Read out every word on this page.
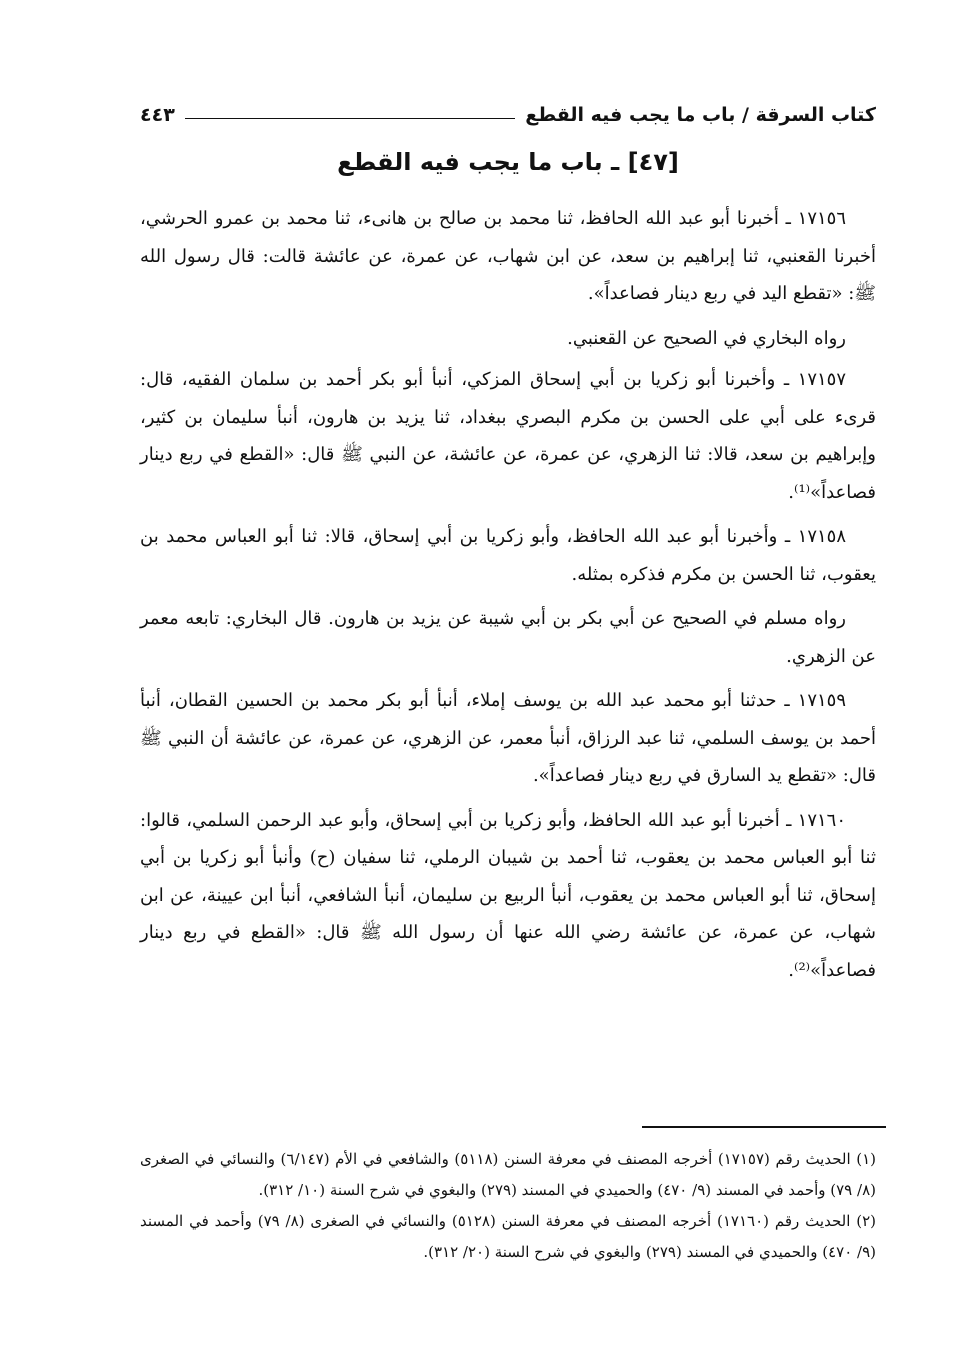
كتاب السرقة / باب ما يجب فيه القطع
٤٤٣
[٤٧] ـ باب ما يجب فيه القطع

١٧١٥٦ ـ أخبرنا أبو عبد الله الحافظ، ثنا محمد بن صالح بن هانىء، ثنا محمد بن عمرو الحرشي، أخبرنا القعنبي، ثنا إبراهيم بن سعد، عن ابن شهاب، عن عمرة، عن عائشة قالت: قال رسول الله ﷺ: «تقطع اليد في ربع دينار فصاعداً».

رواه البخاري في الصحيح عن القعنبي.

١٧١٥٧ ـ وأخبرنا أبو زكريا بن أبي إسحاق المزكي، أنبأ أبو بكر أحمد بن سلمان الفقيه، قال: قرىء على أبي على الحسن بن مكرم البصري ببغداد، ثنا يزيد بن هارون، أنبأ سليمان بن كثير، وإبراهيم بن سعد، قالا: ثنا الزهري، عن عمرة، عن عائشة، عن النبي ﷺ قال: «القطع في ربع دينار فصاعداً»⁽¹⁾.

١٧١٥٨ ـ وأخبرنا أبو عبد الله الحافظ، وأبو زكريا بن أبي إسحاق، قالا: ثنا أبو العباس محمد بن يعقوب، ثنا الحسن بن مكرم فذكره بمثله.

رواه مسلم في الصحيح عن أبي بكر بن أبي شيبة عن يزيد بن هارون. قال البخاري: تابعه معمر عن الزهري.

١٧١٥٩ ـ حدثنا أبو محمد عبد الله بن يوسف إملاء، أنبأ أبو بكر محمد بن الحسين القطان، أنبأ أحمد بن يوسف السلمي، ثنا عبد الرزاق، أنبأ معمر، عن الزهري، عن عمرة، عن عائشة أن النبي ﷺ قال: «تقطع يد السارق في ربع دينار فصاعداً».

١٧١٦٠ ـ أخبرنا أبو عبد الله الحافظ، وأبو زكريا بن أبي إسحاق، وأبو عبد الرحمن السلمي، قالوا: ثنا أبو العباس محمد بن يعقوب، ثنا أحمد بن شيبان الرملي، ثنا سفيان (ح) وأنبأ أبو زكريا بن أبي إسحاق، ثنا أبو العباس محمد بن يعقوب، أنبأ الربيع بن سليمان، أنبأ الشافعي، أنبأ ابن عيينة، عن ابن شهاب، عن عمرة، عن عائشة رضي الله عنها أن رسول الله ﷺ قال: «القطع في ربع دينار فصاعداً»⁽²⁾.

(١) الحديث رقم (١٧١٥٧) أخرجه المصنف في معرفة السنن (٥١١٨) والشافعي في الأم (٦/١٤٧) والنسائي في الصغرى (٨/ ٧٩) وأحمد في المسند (٩/ ٤٧٠) والحميدي في المسند (٢٧٩) والبغوي في شرح السنة (١٠/ ٣١٢).

(٢) الحديث رقم (١٧١٦٠) أخرجه المصنف في معرفة السنن (٥١٢٨) والنسائي في الصغرى (٨/ ٧٩) وأحمد في المسند (٩/ ٤٧٠) والحميدي في المسند (٢٧٩) والبغوي في شرح السنة (٢٠/ ٣١٢).
